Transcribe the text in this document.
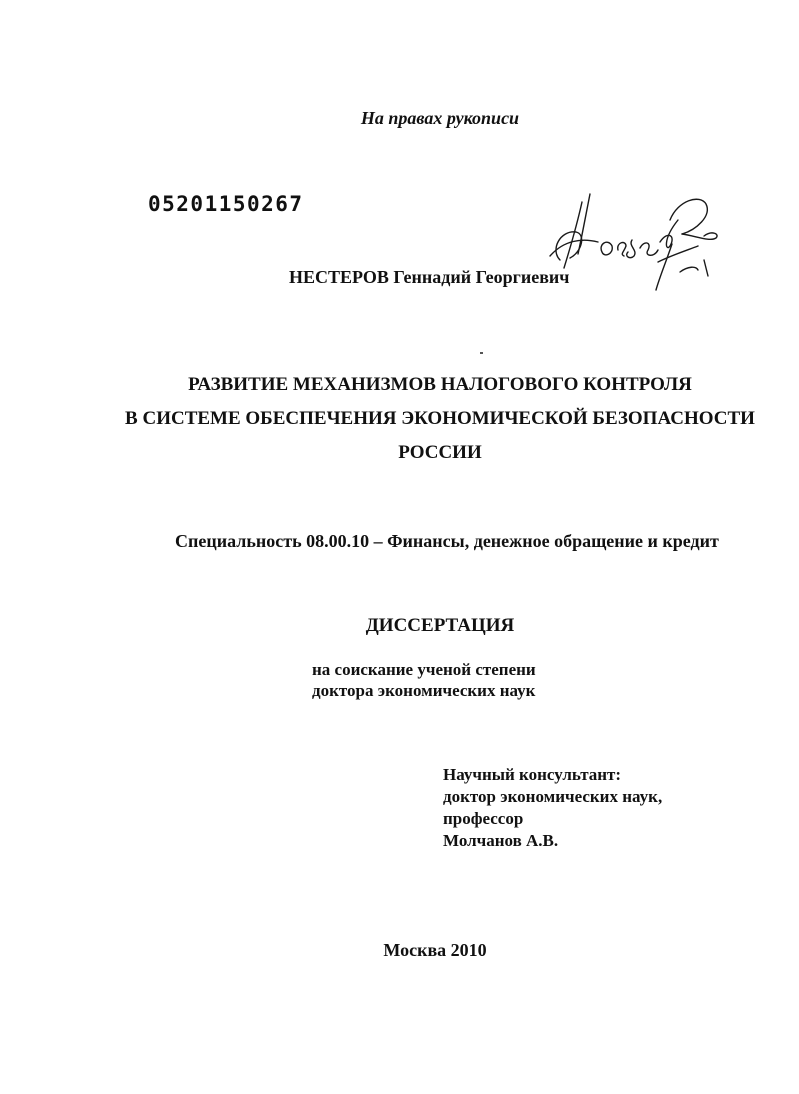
На правах рукописи
05201150267
НЕСТЕРОВ Геннадий Георгиевич
РАЗВИТИЕ МЕХАНИЗМОВ НАЛОГОВОГО КОНТРОЛЯ
В СИСТЕМЕ ОБЕСПЕЧЕНИЯ ЭКОНОМИЧЕСКОЙ БЕЗОПАСНОСТИ
РОССИИ
Специальность 08.00.10 – Финансы, денежное обращение и кредит
ДИССЕРТАЦИЯ
на соискание ученой степени
доктора экономических наук
Научный консультант:
доктор экономических наук,
профессор
Молчанов А.В.
Москва 2010
